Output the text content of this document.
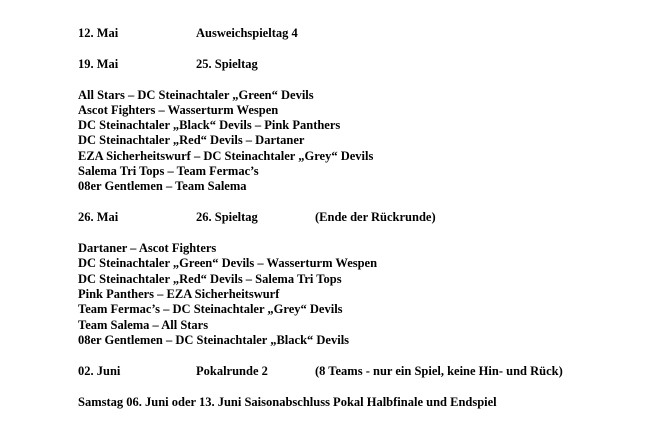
12. Mai	Ausweichspieltag 4
19. Mai	25. Spieltag
All Stars – DC Steinachtaler „Green“ Devils
Ascot Fighters – Wasserturm Wespen
DC Steinachtaler „Black“ Devils – Pink Panthers
DC Steinachtaler „Red“ Devils – Dartaner
EZA Sicherheitswurf – DC Steinachtaler „Grey“ Devils
Salema Tri Tops – Team Fermac’s
08er Gentlemen – Team Salema
26. Mai	26. Spieltag	(Ende der Rückrunde)
Dartaner – Ascot Fighters
DC Steinachtaler „Green“ Devils – Wasserturm Wespen
DC Steinachtaler „Red“ Devils – Salema Tri Tops
Pink Panthers – EZA Sicherheitswurf
Team Fermac’s – DC Steinachtaler „Grey“ Devils
Team Salema – All Stars
08er Gentlemen – DC Steinachtaler „Black“ Devils
02. Juni	Pokalrunde 2	(8 Teams - nur ein Spiel, keine Hin- und Rück)
Samstag 06. Juni oder 13. Juni Saisonabschluss Pokal Halbfinale und Endspiel
